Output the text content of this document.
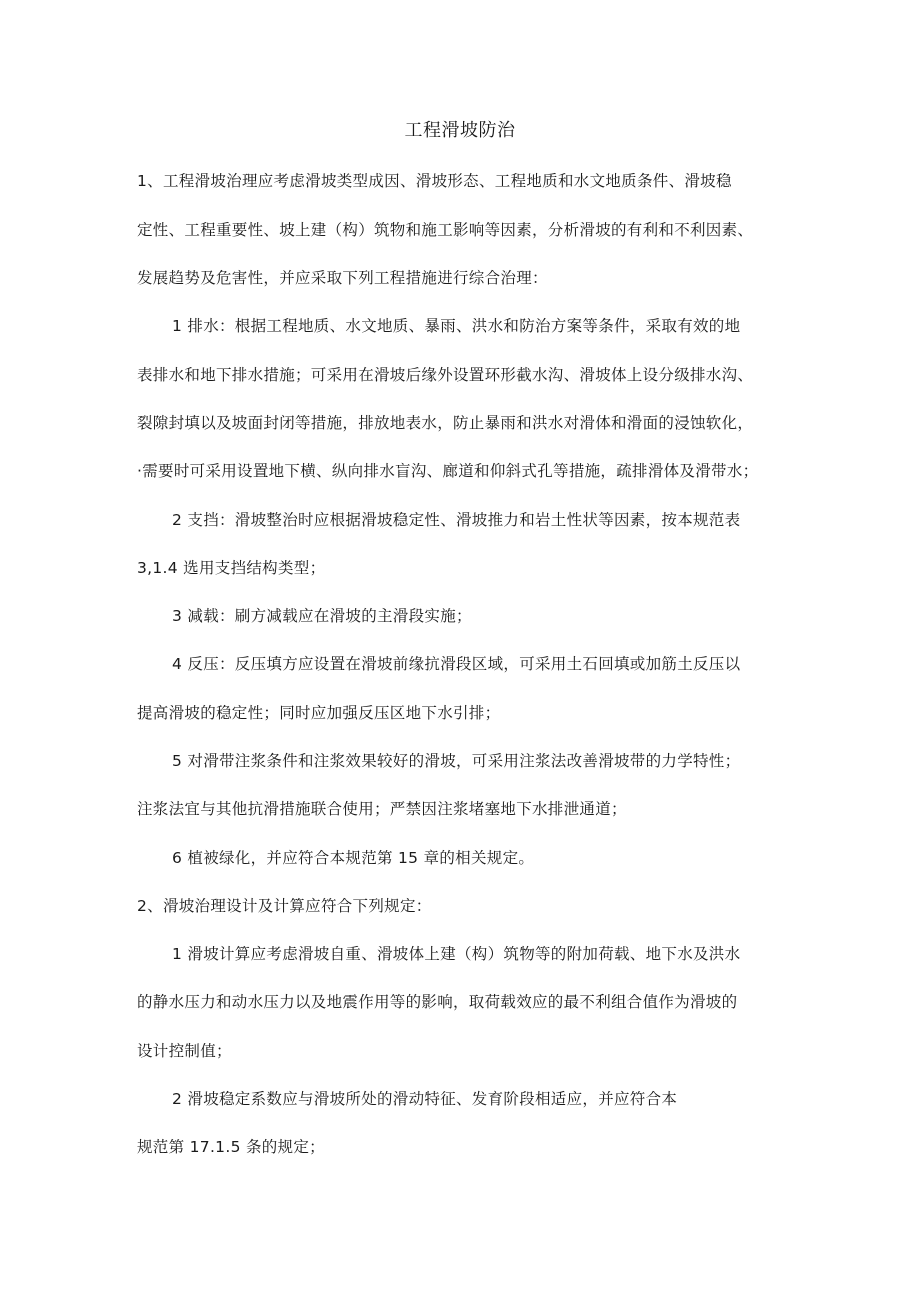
工程滑坡防治
1、工程滑坡治理应考虑滑坡类型成因、滑坡形态、工程地质和水文地质条件、滑坡稳
定性、工程重要性、坡上建（构）筑物和施工影响等因素，分析滑坡的有利和不利因素、
发展趋势及危害性，并应采取下列工程措施进行综合治理：
1 排水：根据工程地质、水文地质、暴雨、洪水和防治方案等条件，采取有效的地
表排水和地下排水措施；可采用在滑坡后缘外设置环形截水沟、滑坡体上设分级排水沟、
裂隙封填以及坡面封闭等措施，排放地表水，防止暴雨和洪水对滑体和滑面的浸蚀软化，
·需要时可采用设置地下横、纵向排水盲沟、廊道和仰斜式孔等措施，疏排滑体及滑带水；
2 支挡：滑坡整治时应根据滑坡稳定性、滑坡推力和岩土性状等因素，按本规范表
3,1.4 选用支挡结构类型；
3 减载：刷方减载应在滑坡的主滑段实施；
4 反压：反压填方应设置在滑坡前缘抗滑段区域，可采用土石回填或加筋土反压以
提高滑坡的稳定性；同时应加强反压区地下水引排；
5 对滑带注浆条件和注浆效果较好的滑坡，可采用注浆法改善滑坡带的力学特性；
注浆法宜与其他抗滑措施联合使用；严禁因注浆堵塞地下水排泄通道；
6 植被绿化，并应符合本规范第 15 章的相关规定。
2、滑坡治理设计及计算应符合下列规定：
1 滑坡计算应考虑滑坡自重、滑坡体上建（构）筑物等的附加荷载、地下水及洪水
的静水压力和动水压力以及地震作用等的影响，取荷载效应的最不利组合值作为滑坡的
设计控制值；
2 滑坡稳定系数应与滑坡所处的滑动特征、发育阶段相适应，并应符合本
规范第 17.1.5 条的规定；
